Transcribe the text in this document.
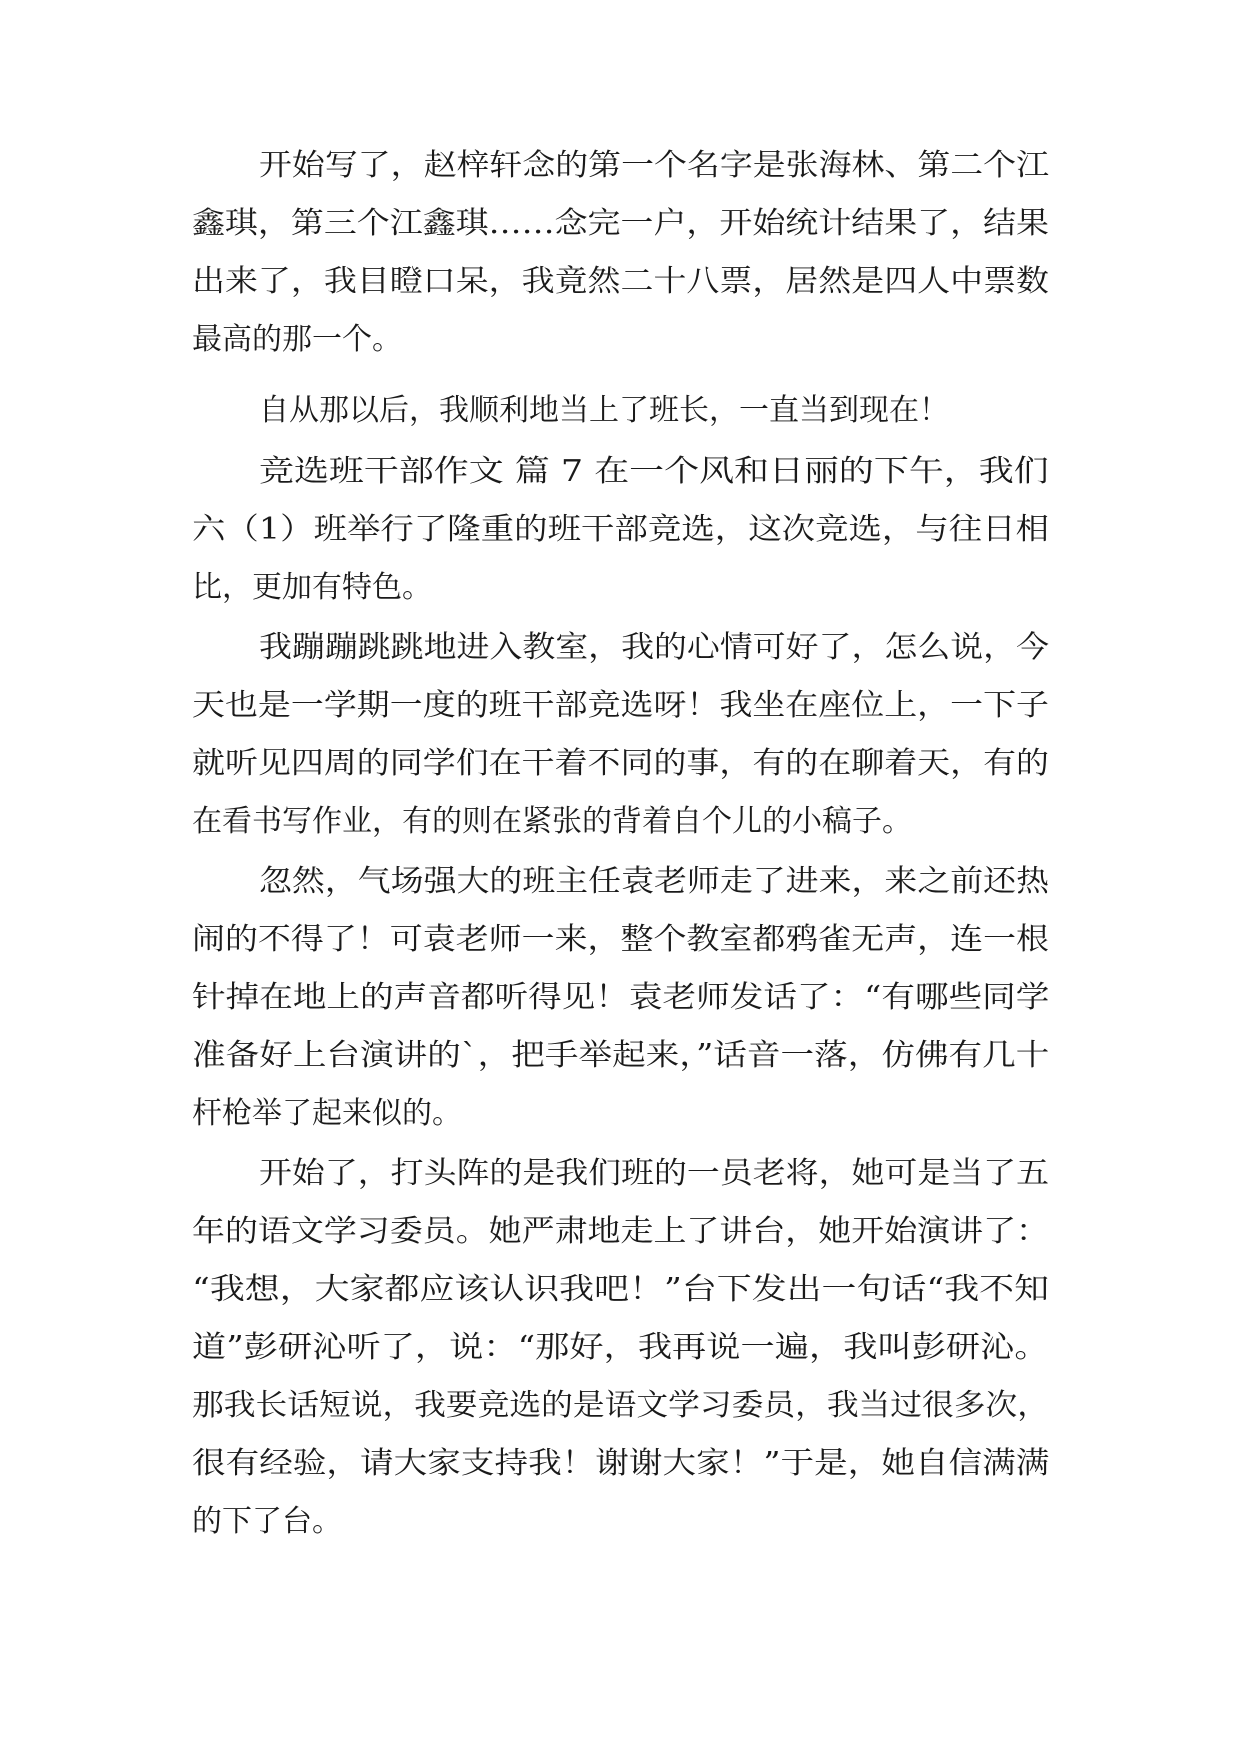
开始写了，赵梓轩念的第一个名字是张海林、第二个江
鑫琪，第三个江鑫琪……念完一户，开始统计结果了，结果
出来了，我目瞪口呆，我竟然二十八票，居然是四人中票数
最高的那一个。
自从那以后，我顺利地当上了班长，一直当到现在！
竞选班干部作文 篇 7 在一个风和日丽的下午，我们
六（1）班举行了隆重的班干部竞选，这次竞选，与往日相
比，更加有特色。
我蹦蹦跳跳地进入教室，我的心情可好了，怎么说，今
天也是一学期一度的班干部竞选呀！我坐在座位上，一下子
就听见四周的同学们在干着不同的事，有的在聊着天，有的
在看书写作业，有的则在紧张的背着自个儿的小稿子。
忽然，气场强大的班主任袁老师走了进来，来之前还热
闹的不得了！可袁老师一来，整个教室都鸦雀无声，连一根
针掉在地上的声音都听得见！袁老师发话了：“有哪些同学
准备好上台演讲的`，把手举起来，”话音一落，仿佛有几十
杆枪举了起来似的。
开始了，打头阵的是我们班的一员老将，她可是当了五
年的语文学习委员。她严肃地走上了讲台，她开始演讲了：
“我想，大家都应该认识我吧！”台下发出一句话“我不知
道”彭研沁听了，说：“那好，我再说一遍，我叫彭研沁。
那我长话短说，我要竞选的是语文学习委员，我当过很多次，
很有经验，请大家支持我！谢谢大家！”于是，她自信满满
的下了台。
